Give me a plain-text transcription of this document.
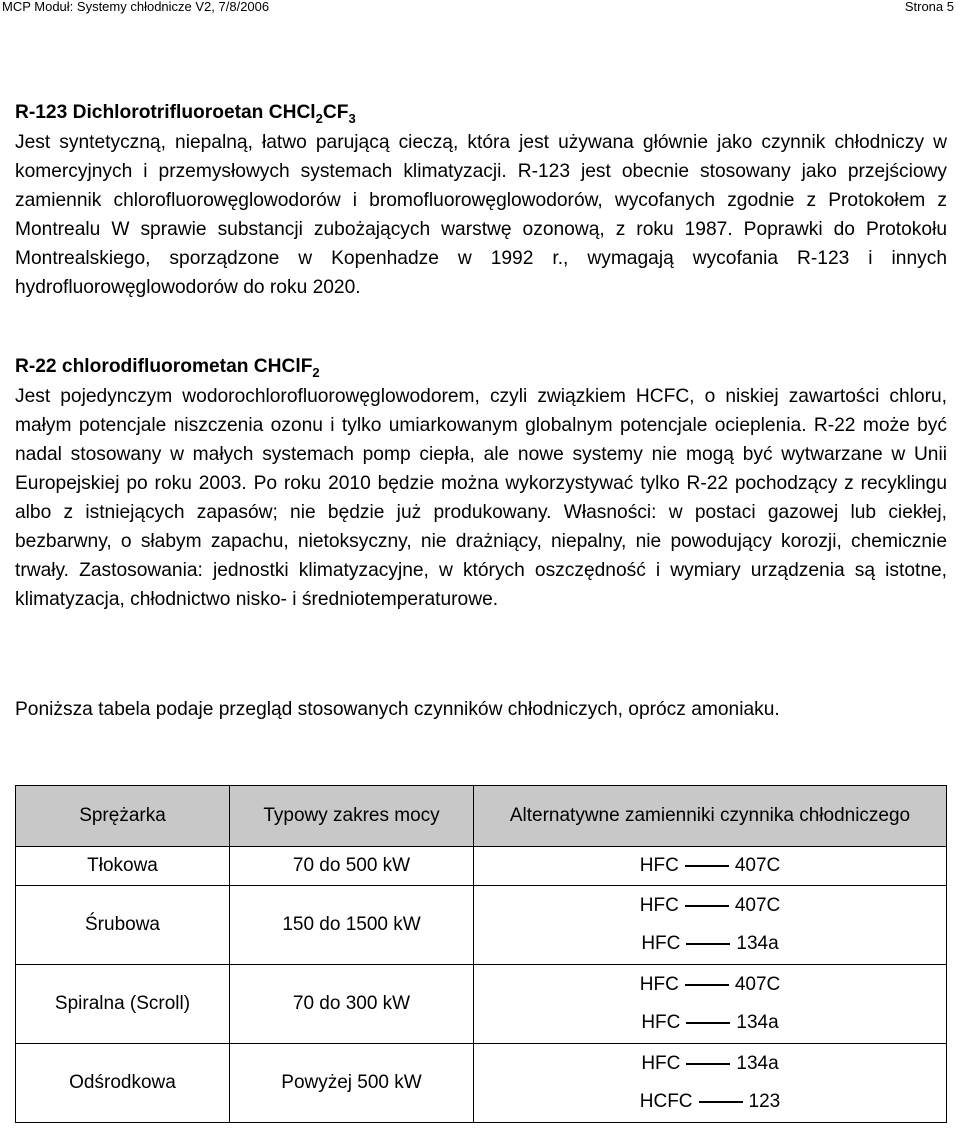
MCP Moduł: Systemy chłodnicze V2, 7/8/2006	Strona 5

R-123 Dichlorotrifluoroetan $CHCl_2CF_3$

Jest syntetyczną, niepalną, łatwo parującą cieczą, która jest używana głównie jako czynnik chłodniczy w komercyjnych i przemysłowych systemach klimatyzacji. R-123 jest obecnie stosowany jako przejściowy zamiennik chlorofluorowęglowodorów i bromofluorowęglowodorów, wycofanych zgodnie z Protokołem z Montrealu W sprawie substancji zubożających warstwę ozonową, z roku 1987. Poprawki do Protokołu Montrealskiego, sporządzone w Kopenhadze w 1992 r., wymagają wycofania R-123 i innych hydrofluorowęglowodorów do roku 2020.

R-22 chlorodifluorometan CHClF$_2$

Jest pojedynczym wodorochlorofluorowęglowodorem, czyli związkiem HCFC, o niskiej zawartości chloru, małym potencjale niszczenia ozonu i tylko umiarkowanym globalnym potencjale ocieplenia. R-22 może być nadal stosowany w małych systemach pomp ciepła, ale nowe systemy nie mogą być wytwarzane w Unii Europejskiej po roku 2003. Po roku 2010 będzie można wykorzystywać tylko R-22 pochodzący z recyklingu albo z istniejących zapasów; nie będzie już produkowany. Własności: w postaci gazowej lub ciekłej, bezbarwny, o słabym zapachu, nietoksyczny, nie drażniący, niepalny, nie powodujący korozji, chemicznie trwały. Zastosowania: jednostki klimatyzacyjne, w których oszczędność i wymiary urządzenia są istotne, klimatyzacja, chłodnictwo nisko- i średniotemperaturowe.

Poniższa tabela podaje przegląd stosowanych czynników chłodniczych, oprócz amoniaku.

Sprężarka	Typowy zakres mocy	Alternatywne zamienniki czynnika chłodniczego
Tłokowa	70 do 500 kW	HFC 407C

Śrubowa	150 do 1500 kW	HFC 407C
HFC 134a

Spiralna (Scroll)	70 do 300 kW	HFC 407C
HFC 134a

Odśrodkowa	Powyżej 500 kW	HFC 134a
HCFC 123
